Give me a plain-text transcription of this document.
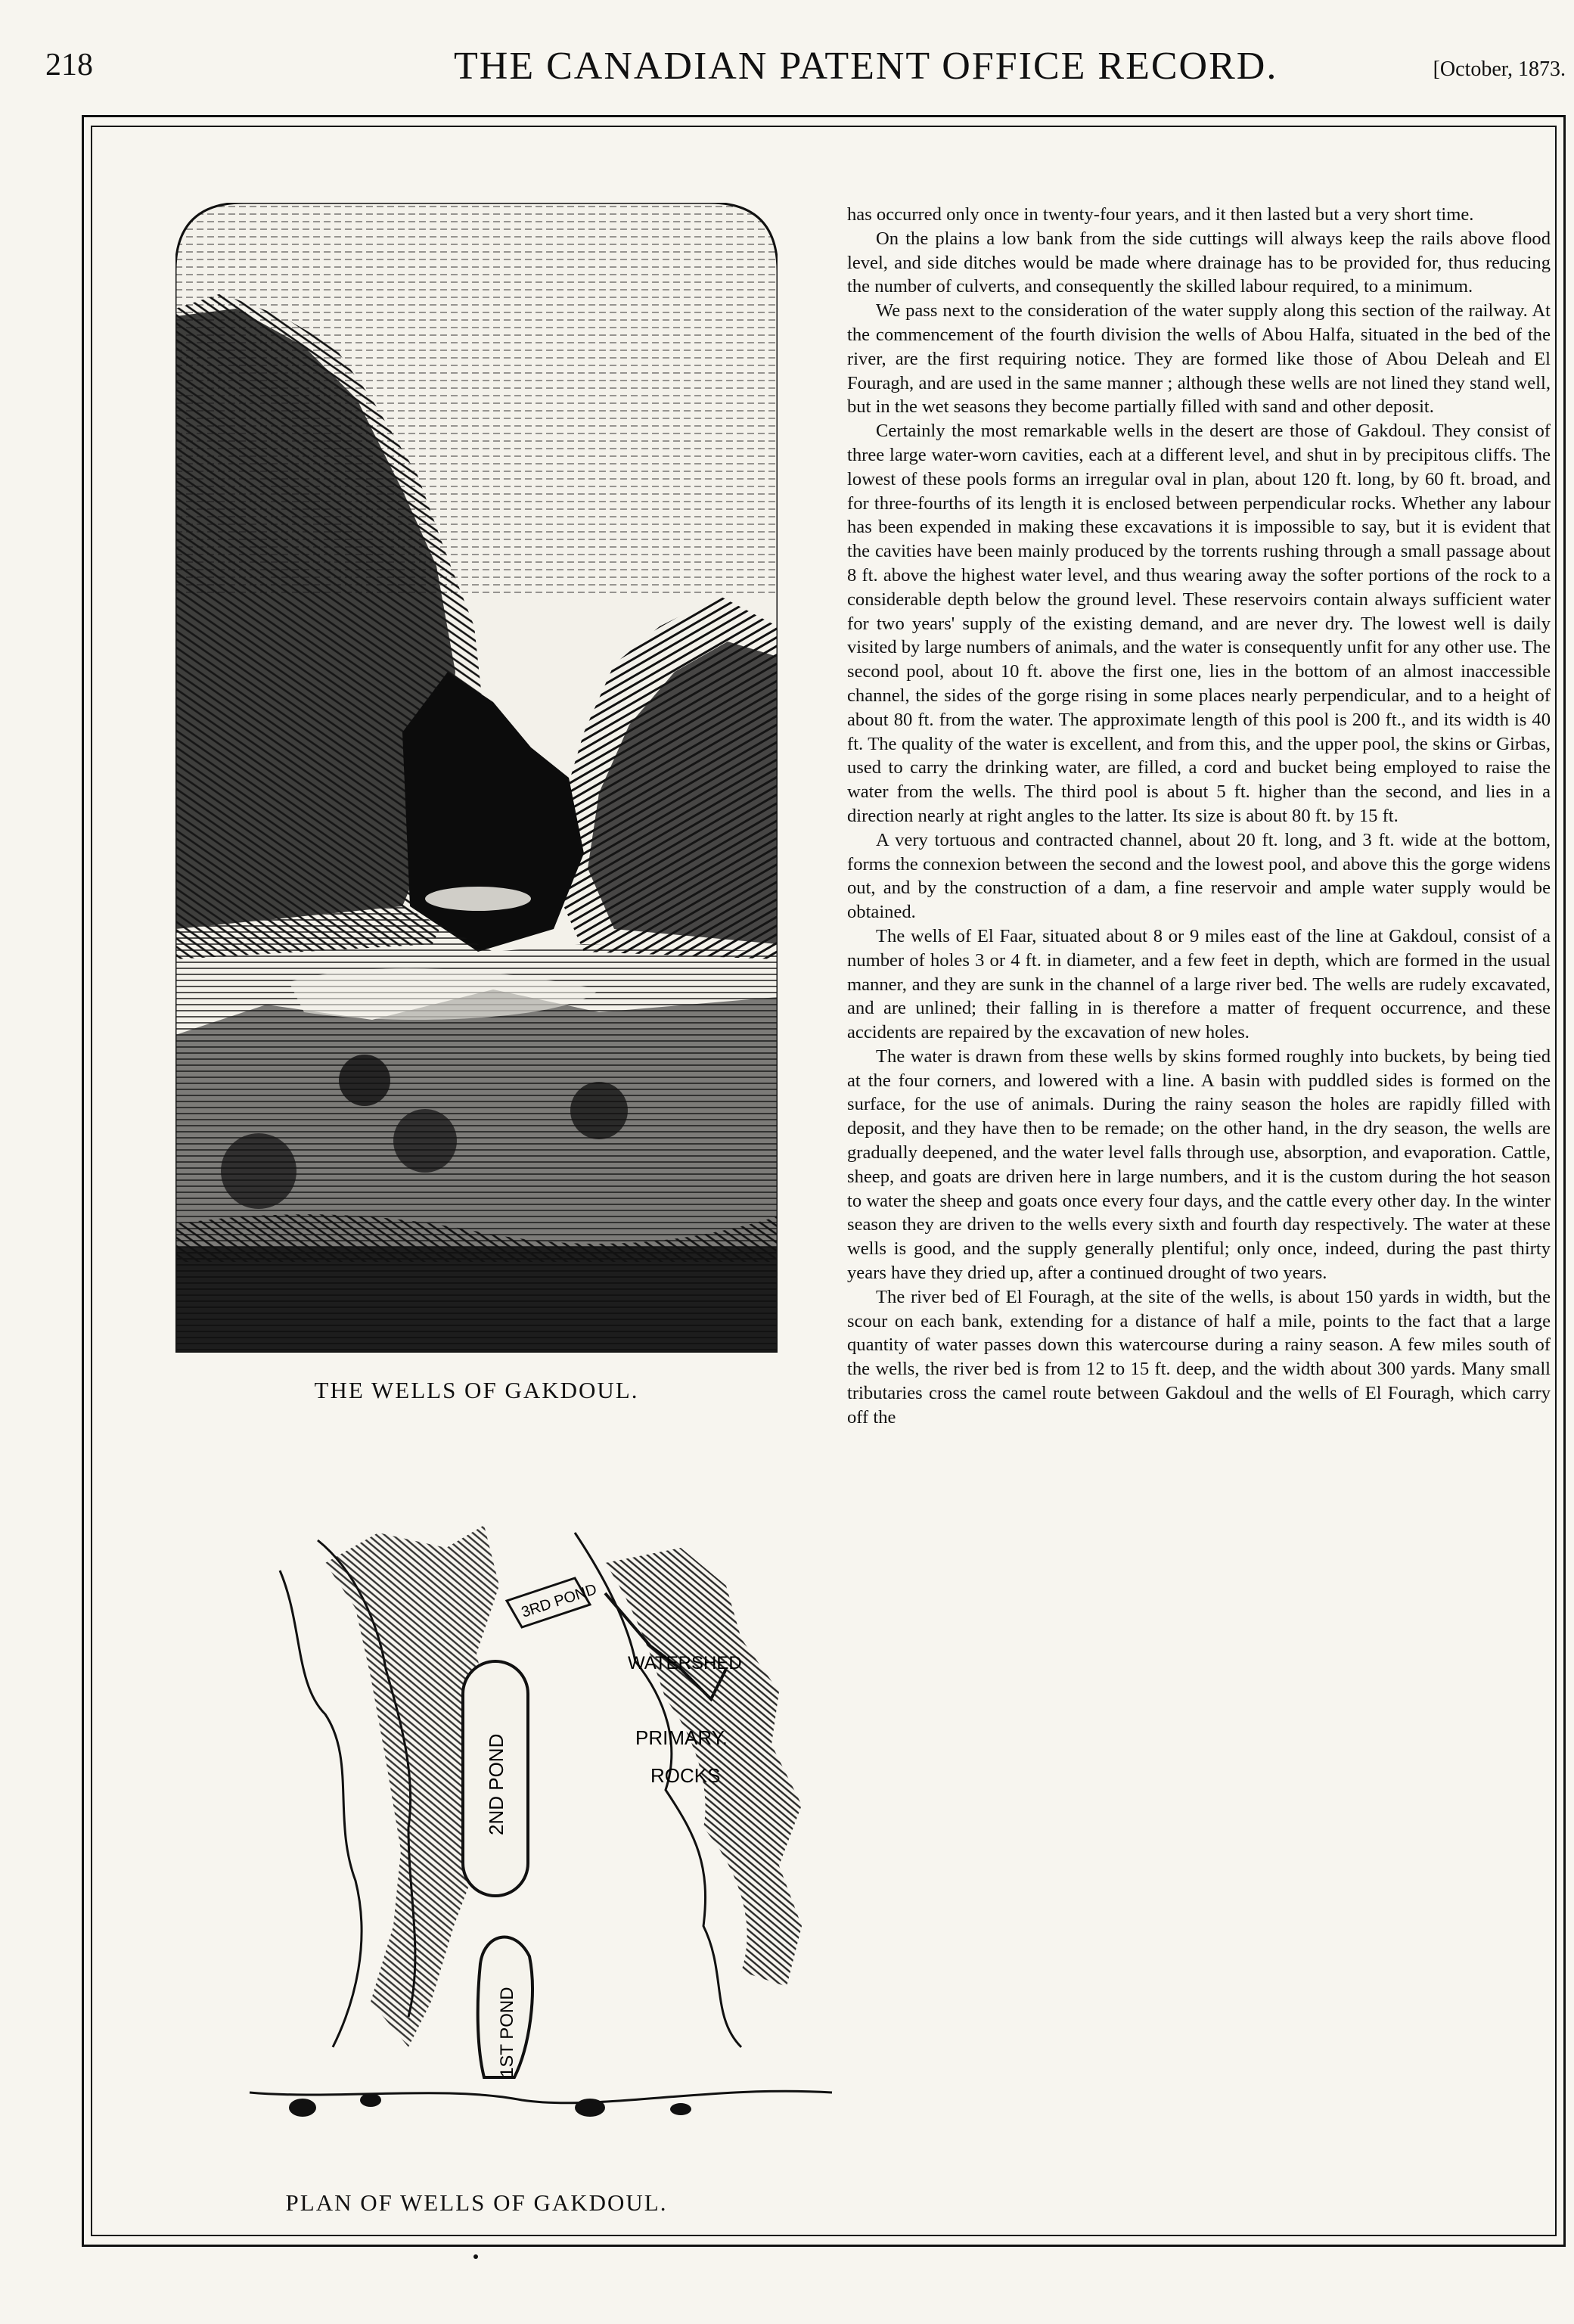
218	THE CANADIAN PATENT OFFICE RECORD.	[October, 1873.
THE WELLS OF GAKDOUL.
3RD POND
2ND POND
1ST POND
WATERSHED
PRIMARY.
ROCKS
PLAN OF WELLS OF GAKDOUL.

has occurred only once in twenty-four years, and it then lasted but a very short time.

On the plains a low bank from the side cuttings will always keep the rails above flood level, and side ditches would be made where drainage has to be provided for, thus reducing the number of culverts, and consequently the skilled labour required, to a minimum.

We pass next to the consideration of the water supply along this section of the railway. At the commencement of the fourth division the wells of Abou Halfa, situated in the bed of the river, are the first requiring notice. They are formed like those of Abou Deleah and El Fouragh, and are used in the same manner ; although these wells are not lined they stand well, but in the wet seasons they become partially filled with sand and other deposit.

Certainly the most remarkable wells in the desert are those of Gakdoul. They consist of three large water-worn cavities, each at a different level, and shut in by precipitous cliffs. The lowest of these pools forms an irregular oval in plan, about 120 ft. long, by 60 ft. broad, and for three-fourths of its length it is enclosed between perpendicular rocks. Whether any labour has been expended in making these excavations it is impossible to say, but it is evident that the cavities have been mainly produced by the torrents rushing through a small passage about 8 ft. above the highest water level, and thus wearing away the softer portions of the rock to a considerable depth below the ground level. These reservoirs contain always sufficient water for two years' supply of the existing demand, and are never dry. The lowest well is daily visited by large numbers of animals, and the water is consequently unfit for any other use. The second pool, about 10 ft. above the first one, lies in the bottom of an almost inaccessible channel, the sides of the gorge rising in some places nearly perpendicular, and to a height of about 80 ft. from the water. The approximate length of this pool is 200 ft., and its width is 40 ft. The quality of the water is excellent, and from this, and the upper pool, the skins or Girbas, used to carry the drinking water, are filled, a cord and bucket being employed to raise the water from the wells. The third pool is about 5 ft. higher than the second, and lies in a direction nearly at right angles to the latter. Its size is about 80 ft. by 15 ft.

A very tortuous and contracted channel, about 20 ft. long, and 3 ft. wide at the bottom, forms the connexion between the second and the lowest pool, and above this the gorge widens out, and by the construction of a dam, a fine reservoir and ample water supply would be obtained.

The wells of El Faar, situated about 8 or 9 miles east of the line at Gakdoul, consist of a number of holes 3 or 4 ft. in diameter, and a few feet in depth, which are formed in the usual manner, and they are sunk in the channel of a large river bed. The wells are rudely excavated, and are unlined; their falling in is therefore a matter of frequent occurrence, and these accidents are repaired by the excavation of new holes.

The water is drawn from these wells by skins formed roughly into buckets, by being tied at the four corners, and lowered with a line. A basin with puddled sides is formed on the surface, for the use of animals. During the rainy season the holes are rapidly filled with deposit, and they have then to be remade; on the other hand, in the dry season, the wells are gradually deepened, and the water level falls through use, absorption, and evaporation. Cattle, sheep, and goats are driven here in large numbers, and it is the custom during the hot season to water the sheep and goats once every four days, and the cattle every other day. In the winter season they are driven to the wells every sixth and fourth day respectively. The water at these wells is good, and the supply generally plentiful; only once, indeed, during the past thirty years have they dried up, after a continued drought of two years.

The river bed of El Fouragh, at the site of the wells, is about 150 yards in width, but the scour on each bank, extending for a distance of half a mile, points to the fact that a large quantity of water passes down this watercourse during a rainy season. A few miles south of the wells, the river bed is from 12 to 15 ft. deep, and the width about 300 yards. Many small tributaries cross the camel route between Gakdoul and the wells of El Fouragh, which carry off the
